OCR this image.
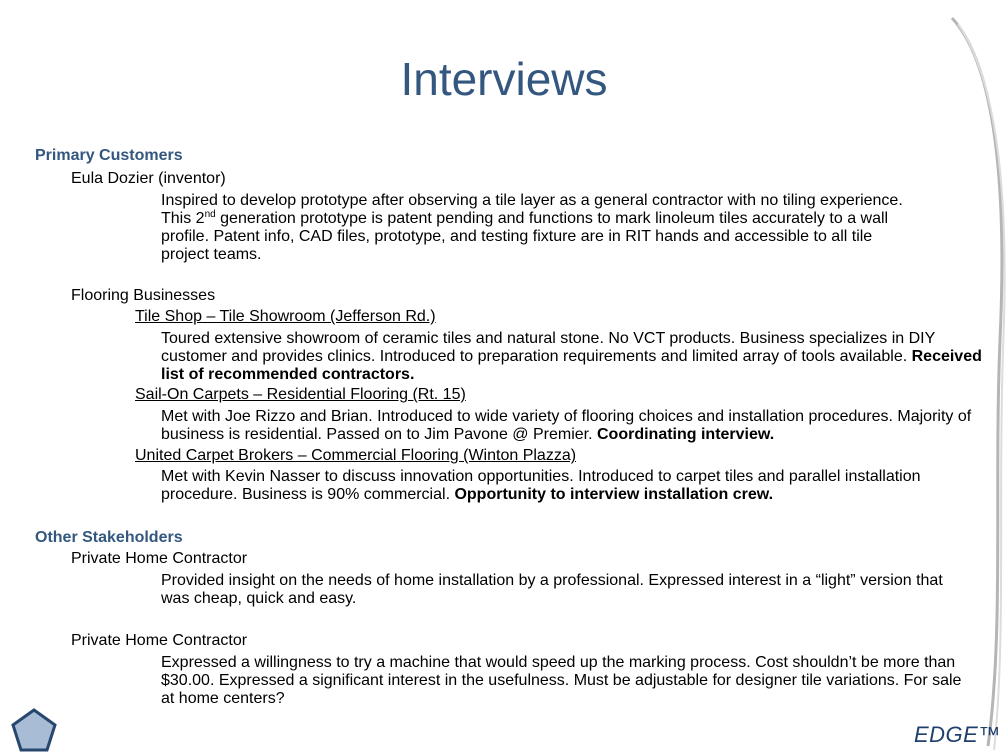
Interviews
Primary Customers
Eula Dozier (inventor)
Inspired to develop prototype after observing a tile layer as a general contractor with no tiling experience. This 2nd generation prototype is patent pending and functions to mark linoleum tiles accurately to a wall profile. Patent info, CAD files, prototype, and testing fixture are in RIT hands and accessible to all tile project teams.
Flooring Businesses
Tile Shop – Tile Showroom (Jefferson Rd.)
Toured extensive showroom of ceramic tiles and natural stone. No VCT products. Business specializes in DIY customer and provides clinics. Introduced to preparation requirements and limited array of tools available. Received list of recommended contractors.
Sail-On Carpets – Residential Flooring (Rt. 15)
Met with Joe Rizzo and Brian. Introduced to wide variety of flooring choices and installation procedures. Majority of business is residential. Passed on to Jim Pavone @ Premier. Coordinating interview.
United Carpet Brokers – Commercial Flooring (Winton Plazza)
Met with Kevin Nasser to discuss innovation opportunities. Introduced to carpet tiles and parallel installation procedure. Business is 90% commercial. Opportunity to interview installation crew.
Other Stakeholders
Private Home Contractor
Provided insight on the needs of home installation by a professional. Expressed interest in a “light” version that was cheap, quick and easy.
Private Home Contractor
Expressed a willingness to try a machine that would speed up the marking process. Cost shouldn’t be more than $30.00. Expressed a significant interest in the usefulness. Must be adjustable for designer tile variations. For sale at home centers?
EDGE™
